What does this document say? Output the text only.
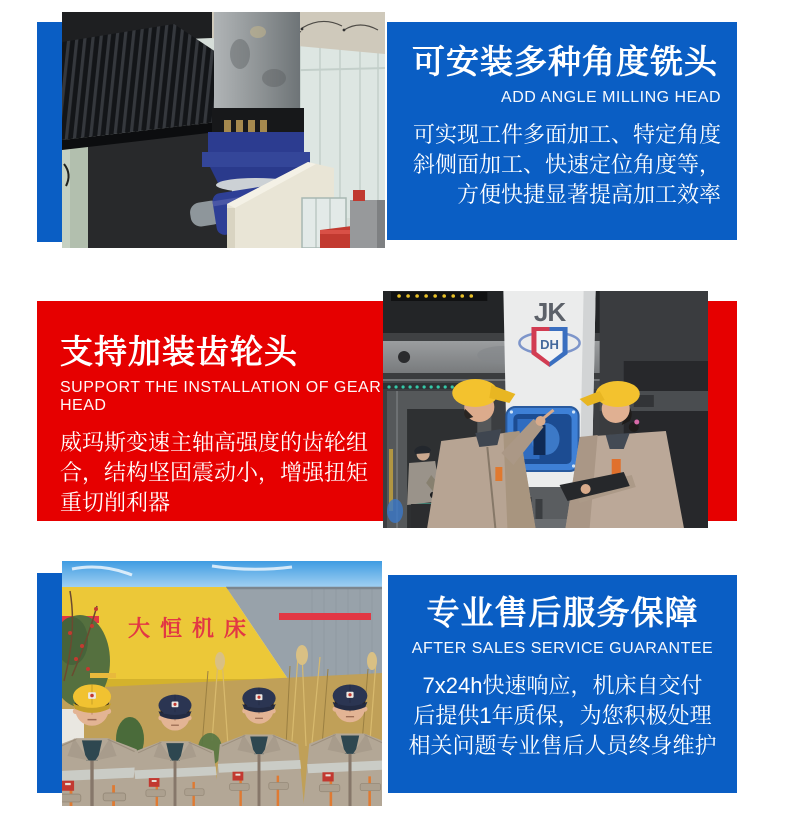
可安装多种角度铣头
ADD ANGLE MILLING HEAD
可实现工件多面加工、特定角度
斜侧面加工、快速定位角度等，
方便快捷显著提高加工效率
支持加装齿轮头
SUPPORT THE INSTALLATION OF GEAR HEAD
威玛斯变速主轴高强度的齿轮组
合，结构坚固震动小，增强扭矩
重切削利器
JK
DH
大恒机床	专业售后服务保障
AFTER SALES SERVICE GUARANTEE
7x24h快速响应，机床自交付
后提供1年质保，为您积极处理
相关问题专业售后人员终身维护
